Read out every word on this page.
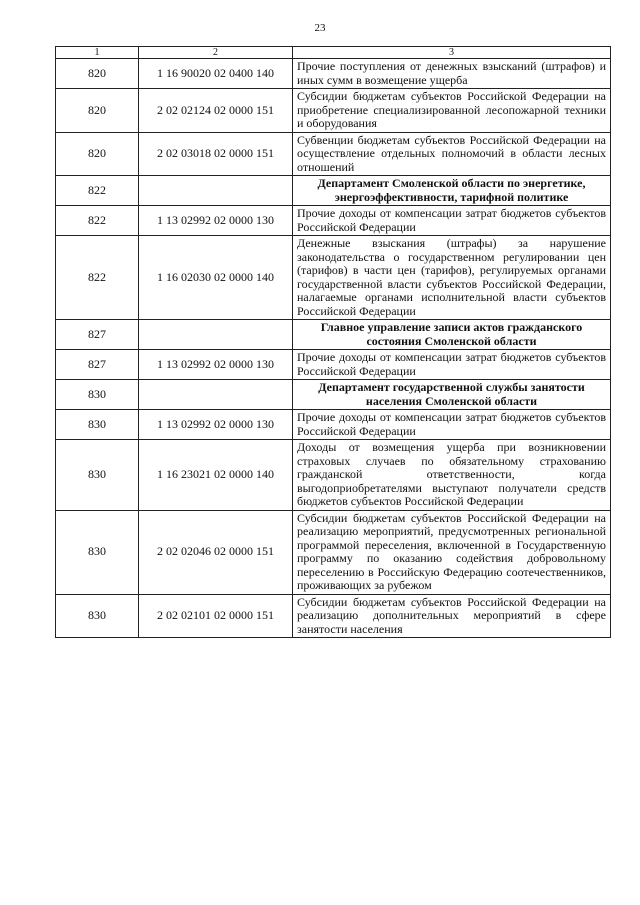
23
1	2	3
820	1 16 90020 02 0400 140	Прочие поступления от денежных взысканий (штрафов) и иных сумм в возмещение ущерба
820	2 02 02124 02 0000 151	Субсидии бюджетам субъектов Российской Федерации на приобретение специализированной лесопожарной техники и оборудования
820	2 02 03018 02 0000 151	Субвенции бюджетам субъектов Российской Федерации на осуществление отдельных полномочий в области лесных отношений
822		Департамент Смоленской области по энергетике, энергоэффективности, тарифной политике
822	1 13 02992 02 0000 130	Прочие доходы от компенсации затрат бюджетов субъектов Российской Федерации
822	1 16 02030 02 0000 140	Денежные взыскания (штрафы) за нарушение законодательства о государственном регулировании цен (тарифов) в части цен (тарифов), регулируемых органами государственной власти субъектов Российской Федерации, налагаемые органами исполнительной власти субъектов Российской Федерации
827		Главное управление записи актов гражданского состояния Смоленской области
827	1 13 02992 02 0000 130	Прочие доходы от компенсации затрат бюджетов субъектов Российской Федерации
830		Департамент государственной службы занятости населения Смоленской области
830	1 13 02992 02 0000 130	Прочие доходы от компенсации затрат бюджетов субъектов Российской Федерации
830	1 16 23021 02 0000 140	Доходы от возмещения ущерба при возникновении страховых случаев по обязательному страхованию гражданской ответственности, когда выгодоприобретателями выступают получатели средств бюджетов субъектов Российской Федерации
830	2 02 02046 02 0000 151	Субсидии бюджетам субъектов Российской Федерации на реализацию мероприятий, предусмотренных региональной программой переселения, включенной в Государственную программу по оказанию содействия добровольному переселению в Российскую Федерацию соотечественников, проживающих за рубежом
830	2 02 02101 02 0000 151	Субсидии бюджетам субъектов Российской Федерации на реализацию дополнительных мероприятий в сфере занятости населения
